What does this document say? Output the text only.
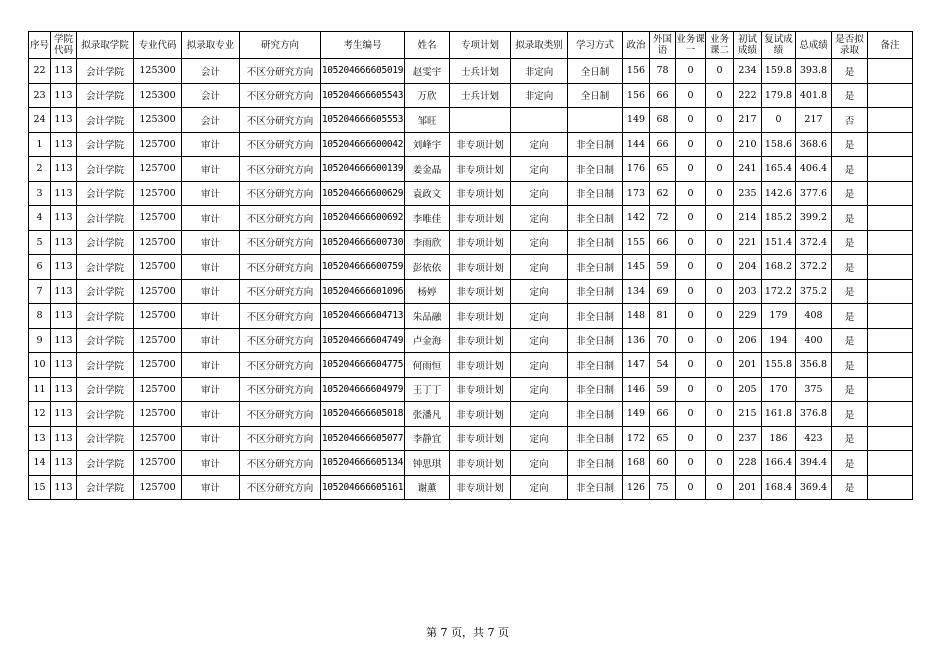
序号	学院代码	拟录取学院	专业代码	拟录取专业	研究方向	考生编号	姓名	专项计划	拟录取类别	学习方式	政治	外国语	业务课一	业务课二	初试成绩	复试成绩	总成绩	是否拟录取	备注
22	113	会计学院	125300	会计	不区分研究方向	105204666605019	赵雯宇	士兵计划	非定向	全日制	156	78	0	0	234	159.8	393.8	是	
23	113	会计学院	125300	会计	不区分研究方向	105204666605543	万欣	士兵计划	非定向	全日制	156	66	0	0	222	179.8	401.8	是	
24	113	会计学院	125300	会计	不区分研究方向	105204666605553	邹旺				149	68	0	0	217	0	217	否	
1	113	会计学院	125700	审计	不区分研究方向	105204666600042	刘峰宇	非专项计划	定向	非全日制	144	66	0	0	210	158.6	368.6	是	
2	113	会计学院	125700	审计	不区分研究方向	105204666600139	姜金晶	非专项计划	定向	非全日制	176	65	0	0	241	165.4	406.4	是	
3	113	会计学院	125700	审计	不区分研究方向	105204666600629	袁政文	非专项计划	定向	非全日制	173	62	0	0	235	142.6	377.6	是	
4	113	会计学院	125700	审计	不区分研究方向	105204666600692	李唯佳	非专项计划	定向	非全日制	142	72	0	0	214	185.2	399.2	是	
5	113	会计学院	125700	审计	不区分研究方向	105204666600730	李雨欣	非专项计划	定向	非全日制	155	66	0	0	221	151.4	372.4	是	
6	113	会计学院	125700	审计	不区分研究方向	105204666600759	彭依依	非专项计划	定向	非全日制	145	59	0	0	204	168.2	372.2	是	
7	113	会计学院	125700	审计	不区分研究方向	105204666601096	杨婷	非专项计划	定向	非全日制	134	69	0	0	203	172.2	375.2	是	
8	113	会计学院	125700	审计	不区分研究方向	105204666604713	朱品融	非专项计划	定向	非全日制	148	81	0	0	229	179	408	是	
9	113	会计学院	125700	审计	不区分研究方向	105204666604749	卢金海	非专项计划	定向	非全日制	136	70	0	0	206	194	400	是	
10	113	会计学院	125700	审计	不区分研究方向	105204666604775	何雨恒	非专项计划	定向	非全日制	147	54	0	0	201	155.8	356.8	是	
11	113	会计学院	125700	审计	不区分研究方向	105204666604979	王丁丁	非专项计划	定向	非全日制	146	59	0	0	205	170	375	是	
12	113	会计学院	125700	审计	不区分研究方向	105204666605018	张潘凡	非专项计划	定向	非全日制	149	66	0	0	215	161.8	376.8	是	
13	113	会计学院	125700	审计	不区分研究方向	105204666605077	李静宜	非专项计划	定向	非全日制	172	65	0	0	237	186	423	是	
14	113	会计学院	125700	审计	不区分研究方向	105204666605134	钟思琪	非专项计划	定向	非全日制	168	60	0	0	228	166.4	394.4	是	
15	113	会计学院	125700	审计	不区分研究方向	105204666605161	谢薰	非专项计划	定向	非全日制	126	75	0	0	201	168.4	369.4	是	
第 7 页，共 7 页
